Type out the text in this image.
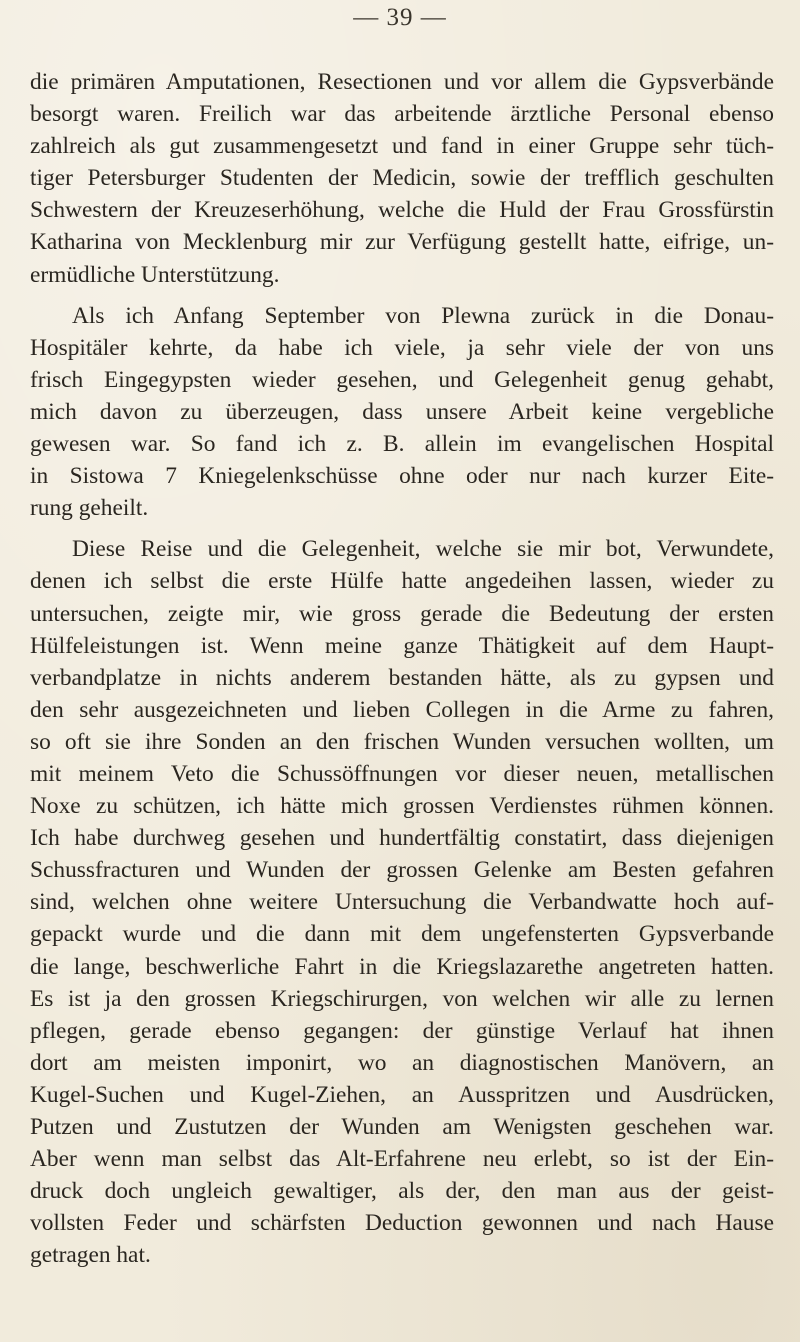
— 39 —
die primären Amputationen, Resectionen und vor allem die Gypsverbände
besorgt waren. Freilich war das arbeitende ärztliche Personal ebenso
zahlreich als gut zusammengesetzt und fand in einer Gruppe sehr tüch-
tiger Petersburger Studenten der Medicin, sowie der trefflich geschulten
Schwestern der Kreuzeserhöhung, welche die Huld der Frau Grossfürstin
Katharina von Mecklenburg mir zur Verfügung gestellt hatte, eifrige, un-
ermüdliche Unterstützung.
Als ich Anfang September von Plewna zurück in die Donau-
Hospitäler kehrte, da habe ich viele, ja sehr viele der von uns
frisch Eingegypsten wieder gesehen, und Gelegenheit genug gehabt,
mich davon zu überzeugen, dass unsere Arbeit keine vergebliche
gewesen war. So fand ich z. B. allein im evangelischen Hospital
in Sistowa 7 Kniegelenkschüsse ohne oder nur nach kurzer Eite-
rung geheilt.
Diese Reise und die Gelegenheit, welche sie mir bot, Verwundete,
denen ich selbst die erste Hülfe hatte angedeihen lassen, wieder zu
untersuchen, zeigte mir, wie gross gerade die Bedeutung der ersten
Hülfeleistungen ist. Wenn meine ganze Thätigkeit auf dem Haupt-
verbandplatze in nichts anderem bestanden hätte, als zu gypsen und
den sehr ausgezeichneten und lieben Collegen in die Arme zu fahren,
so oft sie ihre Sonden an den frischen Wunden versuchen wollten, um
mit meinem Veto die Schussöffnungen vor dieser neuen, metallischen
Noxe zu schützen, ich hätte mich grossen Verdienstes rühmen können.
Ich habe durchweg gesehen und hundertfältig constatirt, dass diejenigen
Schussfracturen und Wunden der grossen Gelenke am Besten gefahren
sind, welchen ohne weitere Untersuchung die Verbandwatte hoch auf-
gepackt wurde und die dann mit dem ungefensterten Gypsverbande
die lange, beschwerliche Fahrt in die Kriegslazarethe angetreten hatten.
Es ist ja den grossen Kriegschirurgen, von welchen wir alle zu lernen
pflegen, gerade ebenso gegangen: der günstige Verlauf hat ihnen
dort am meisten imponirt, wo an diagnostischen Manövern, an
Kugel-Suchen und Kugel-Ziehen, an Ausspritzen und Ausdrücken,
Putzen und Zustutzen der Wunden am Wenigsten geschehen war.
Aber wenn man selbst das Alt-Erfahrene neu erlebt, so ist der Ein-
druck doch ungleich gewaltiger, als der, den man aus der geist-
vollsten Feder und schärfsten Deduction gewonnen und nach Hause
getragen hat.
